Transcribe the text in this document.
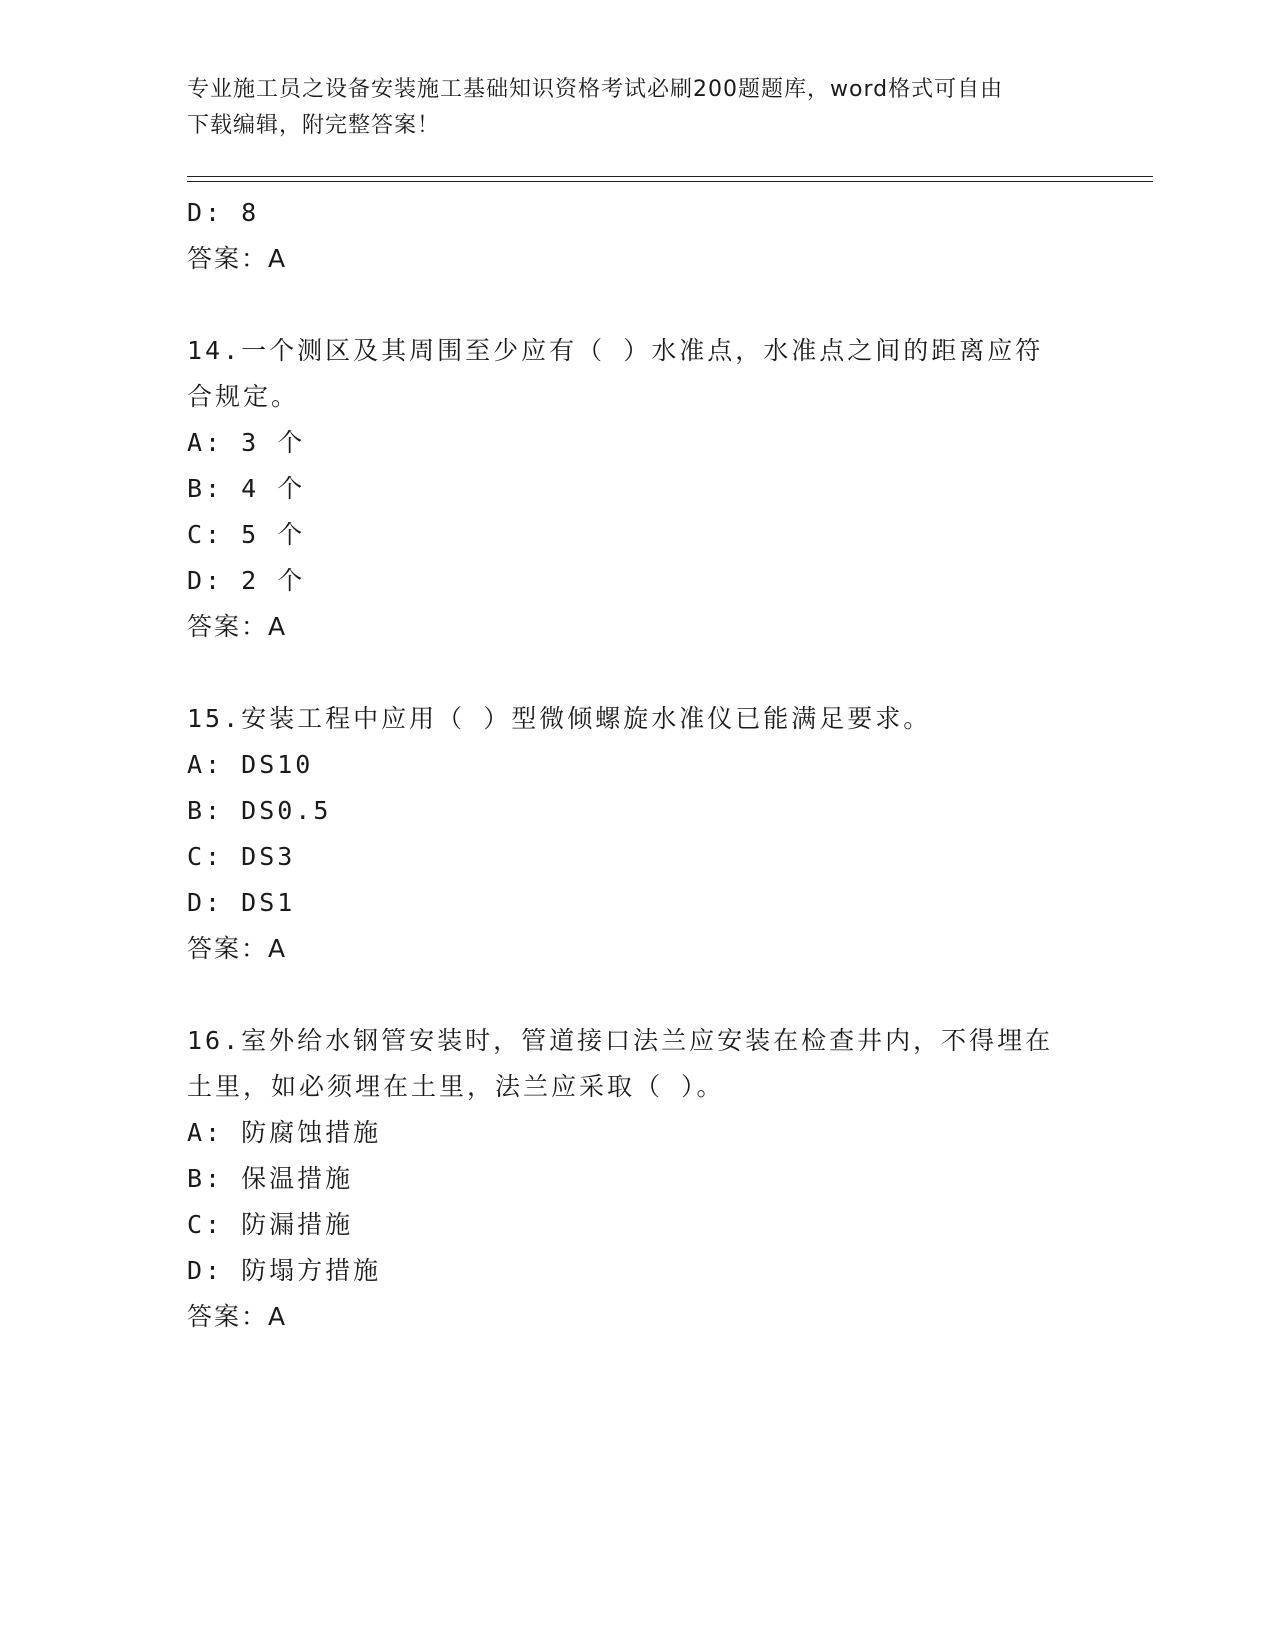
专业施工员之设备安装施工基础知识资格考试必刷200题题库，word格式可自由
下载编辑，附完整答案！
D: 8
答案：A
14.一个测区及其周围至少应有（ ）水准点，水准点之间的距离应符
合规定。
A: 3 个
B: 4 个
C: 5 个
D: 2 个
答案：A
15.安装工程中应用（ ）型微倾螺旋水准仪已能满足要求。
A: DS10
B: DS0.5
C: DS3
D: DS1
答案：A
16.室外给水钢管安装时，管道接口法兰应安装在检查井内，不得埋在
土里，如必须埋在土里，法兰应采取（ ）。
A: 防腐蚀措施
B: 保温措施
C: 防漏措施
D: 防塌方措施
答案：A
